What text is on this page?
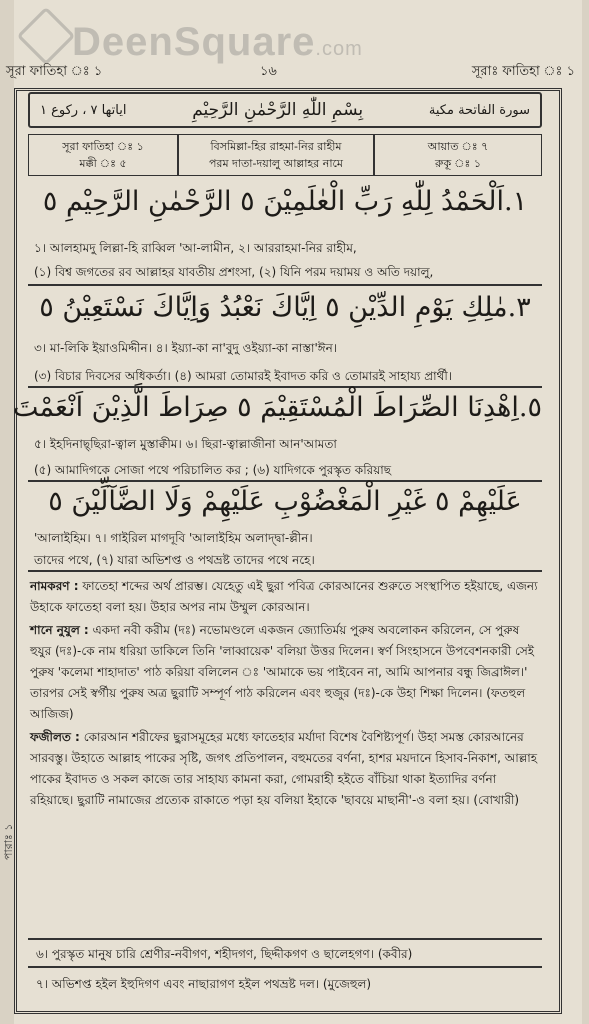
DeenSquare.com
সূরা ফাতিহা ঃ ১	১৬	সূরাঃ ফাতিহা ঃ ১
سورة الفاتحة مكية
بِسْمِ اللّٰهِ الرَّحْمٰنِ الرَّحِيْمِ
اياتها ٧ ، ركوع ١
সূরা ফাতিহা ঃ ১
মক্কী ঃ ৫
বিসমিল্লা-হির রাহমা-নির রাহীম
পরম দাতা-দয়ালু আল্লাহর নামে
আয়াত ঃ ৭
রুকূ ঃ ১
١.اَلْحَمْدُ لِلّٰهِ رَبِّ الْعٰلَمِيْنَ ٥ الرَّحْمٰنِ الرَّحِيْمِ ٥
১। আলহামদু লিল্লা-হি রাব্বিল 'আ-লামীন, ২। আররাহমা-নির রাহীম,
(১) বিশ্ব জগতের রব আল্লাহর যাবতীয় প্রশংসা, (২) যিনি পরম দয়াময় ও অতি দয়ালু,
٣.مٰلِكِ يَوْمِ الدِّيْنِ ٥ اِيَّاكَ نَعْبُدُ وَاِيَّاكَ نَسْتَعِيْنُ ٥
৩। মা-লিকি ইয়াওমিদ্দীন। ৪। ইয়্যা-কা না'বুদু ওইয়্যা-কা নাস্তা'ঈন।
(৩) বিচার দিবসের অধিকর্তা। (৪) আমরা তোমারই ইবাদত করি ও তোমারই সাহায্য প্রার্থী।
٥.اِهْدِنَا الصِّرَاطَ الْمُسْتَقِيْمَ ٥ صِرَاطَ الَّذِيْنَ اَنْعَمْتَ
৫। ইহদিনাছ্‌ছিরা-ত্বাল মুস্তাক্বীম। ৬। ছিরা-ত্বাল্লাজীনা আন'আমতা
(৫) আমাদিগকে সোজা পথে পরিচালিত কর ; (৬) যাদিগকে পুরস্কৃত করিয়াছ
عَلَيْهِمْ ٥ غَيْرِ الْمَغْضُوْبِ عَلَيْهِمْ وَلَا الضَّآلِّيْنَ ٥
'আলাইহিম। ৭। গাইরিল মাগদূবি 'আলাইহিম অলাদ্দ্বা-ল্লীন।
তাদের পথে, (৭) যারা অভিশপ্ত ও পথভ্রষ্ট তাদের পথে নহে।

নামকরণ : ফাতেহা শব্দের অর্থ প্রারম্ভ। যেহেতু এই ছুরা পবিত্র কোরআনের শুরুতে সংস্থাপিত হইয়াছে, এজন্য উহাকে ফাতেহা বলা হয়। উহার অপর নাম উম্মুল কোরআন।

শানে নুযুল : একদা নবী করীম (দঃ) নভোমণ্ডলে একজন জ্যোতির্ময় পুরুষ অবলোকন করিলেন, সে পুরুষ হুযুর (দঃ)-কে নাম ধরিয়া ডাকিলে তিনি 'লাব্বায়েক' বলিয়া উত্তর দিলেন। স্বর্ণ সিংহাসনে উপবেশনকারী সেই পুরুষ 'কলেমা শাহাদাত' পাঠ করিয়া বলিলেন ঃ 'আমাকে ভয় পাইবেন না, আমি আপনার বন্ধু জিব্রাঈল।' তারপর সেই স্বর্গীয় পুরুষ অত্র ছুরাটি সম্পূর্ণ পাঠ করিলেন এবং হুজুর (দঃ)-কে উহা শিক্ষা দিলেন। (ফতহুল আজিজ)

ফজীলত : কোরআন শরীফের ছুরাসমূহের মধ্যে ফাতেহার মর্যাদা বিশেষ বৈশিষ্ট্যপূর্ণ। উহা সমস্ত কোরআনের সারবস্তু। উহাতে আল্লাহ পাকের সৃষ্টি, জগৎ প্রতিপালন, বহুমতের বর্ণনা, হাশর ময়দানে হিসাব-নিকাশ, আল্লাহ পাকের ইবাদত ও সকল কাজে তার সাহায্য কামনা করা, গোমরাহী হইতে বাঁচিয়া থাকা ইত্যাদির বর্ণনা রহিয়াছে। ছুরাটি নামাজের প্রত্যেক রাকাতে পড়া হয় বলিয়া ইহাকে 'ছাবয়ে মাছানী'-ও বলা হয়। (বোখারী)

৬। পুরস্কৃত মানুষ চারি শ্রেণীর-নবীগণ, শহীদগণ, ছিদ্দীকগণ ও ছালেহগণ। (কবীর)
৭। অভিশপ্ত হইল ইহুদিগণ এবং নাছারাগণ হইল পথভ্রষ্ট দল। (মুজেহুল)
পারাঃ ১
